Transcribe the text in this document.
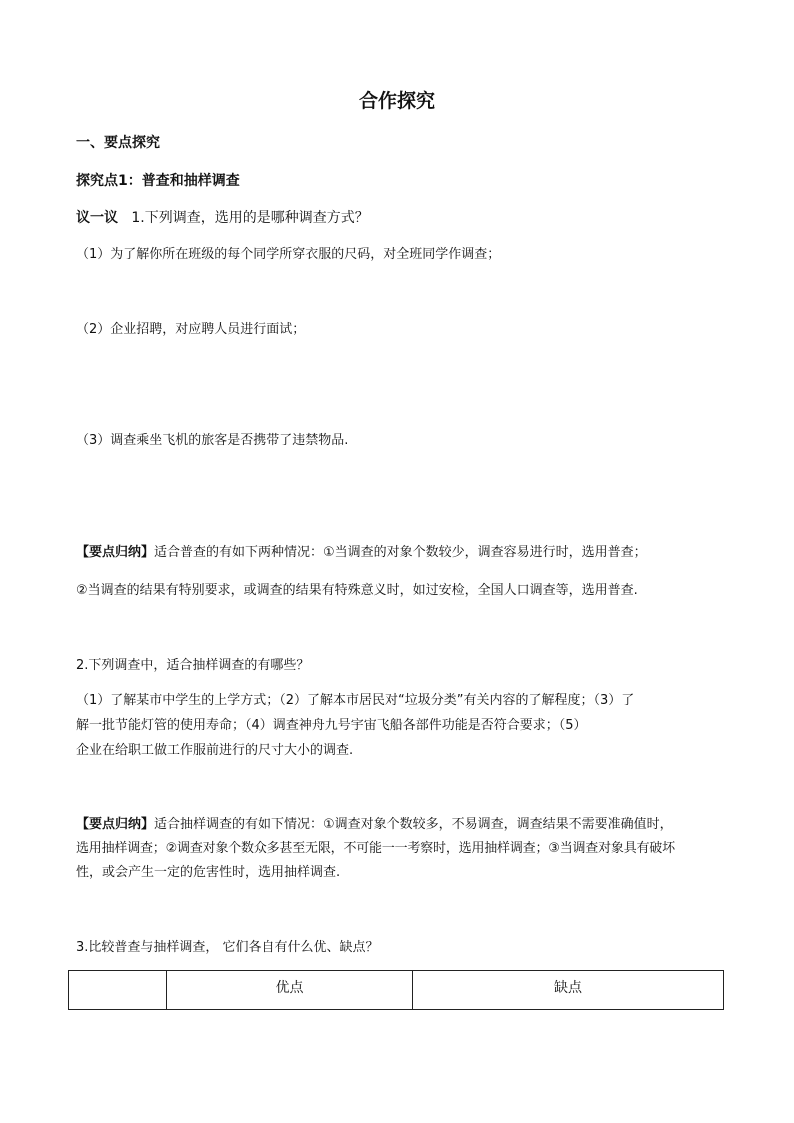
合作探究
一、要点探究
探究点1：普查和抽样调查
议一议 1.下列调查，选用的是哪种调查方式？
（1）为了解你所在班级的每个同学所穿衣服的尺码，对全班同学作调查；
（2）企业招聘，对应聘人员进行面试；
（3）调查乘坐飞机的旅客是否携带了违禁物品.
【要点归纳】适合普查的有如下两种情况：①当调查的对象个数较少，调查容易进行时，选用普查；
②当调查的结果有特别要求，或调查的结果有特殊意义时，如过安检，全国人口调查等，选用普查.
2.下列调查中，适合抽样调查的有哪些？
（1）了解某市中学生的上学方式；（2）了解本市居民对“垃圾分类”有关内容的了解程度；（3）了
解一批节能灯管的使用寿命；（4）调查神舟九号宇宙飞船各部件功能是否符合要求；（5）
企业在给职工做工作服前进行的尺寸大小的调查.
【要点归纳】适合抽样调查的有如下情况：①调查对象个数较多，不易调查，调查结果不需要准确值时，
选用抽样调查；②调查对象个数众多甚至无限，不可能一一考察时，选用抽样调查；③当调查对象具有破坏
性，或会产生一定的危害性时，选用抽样调查.
3.比较普查与抽样调查， 它们各自有什么优、缺点？
	优点	缺点
